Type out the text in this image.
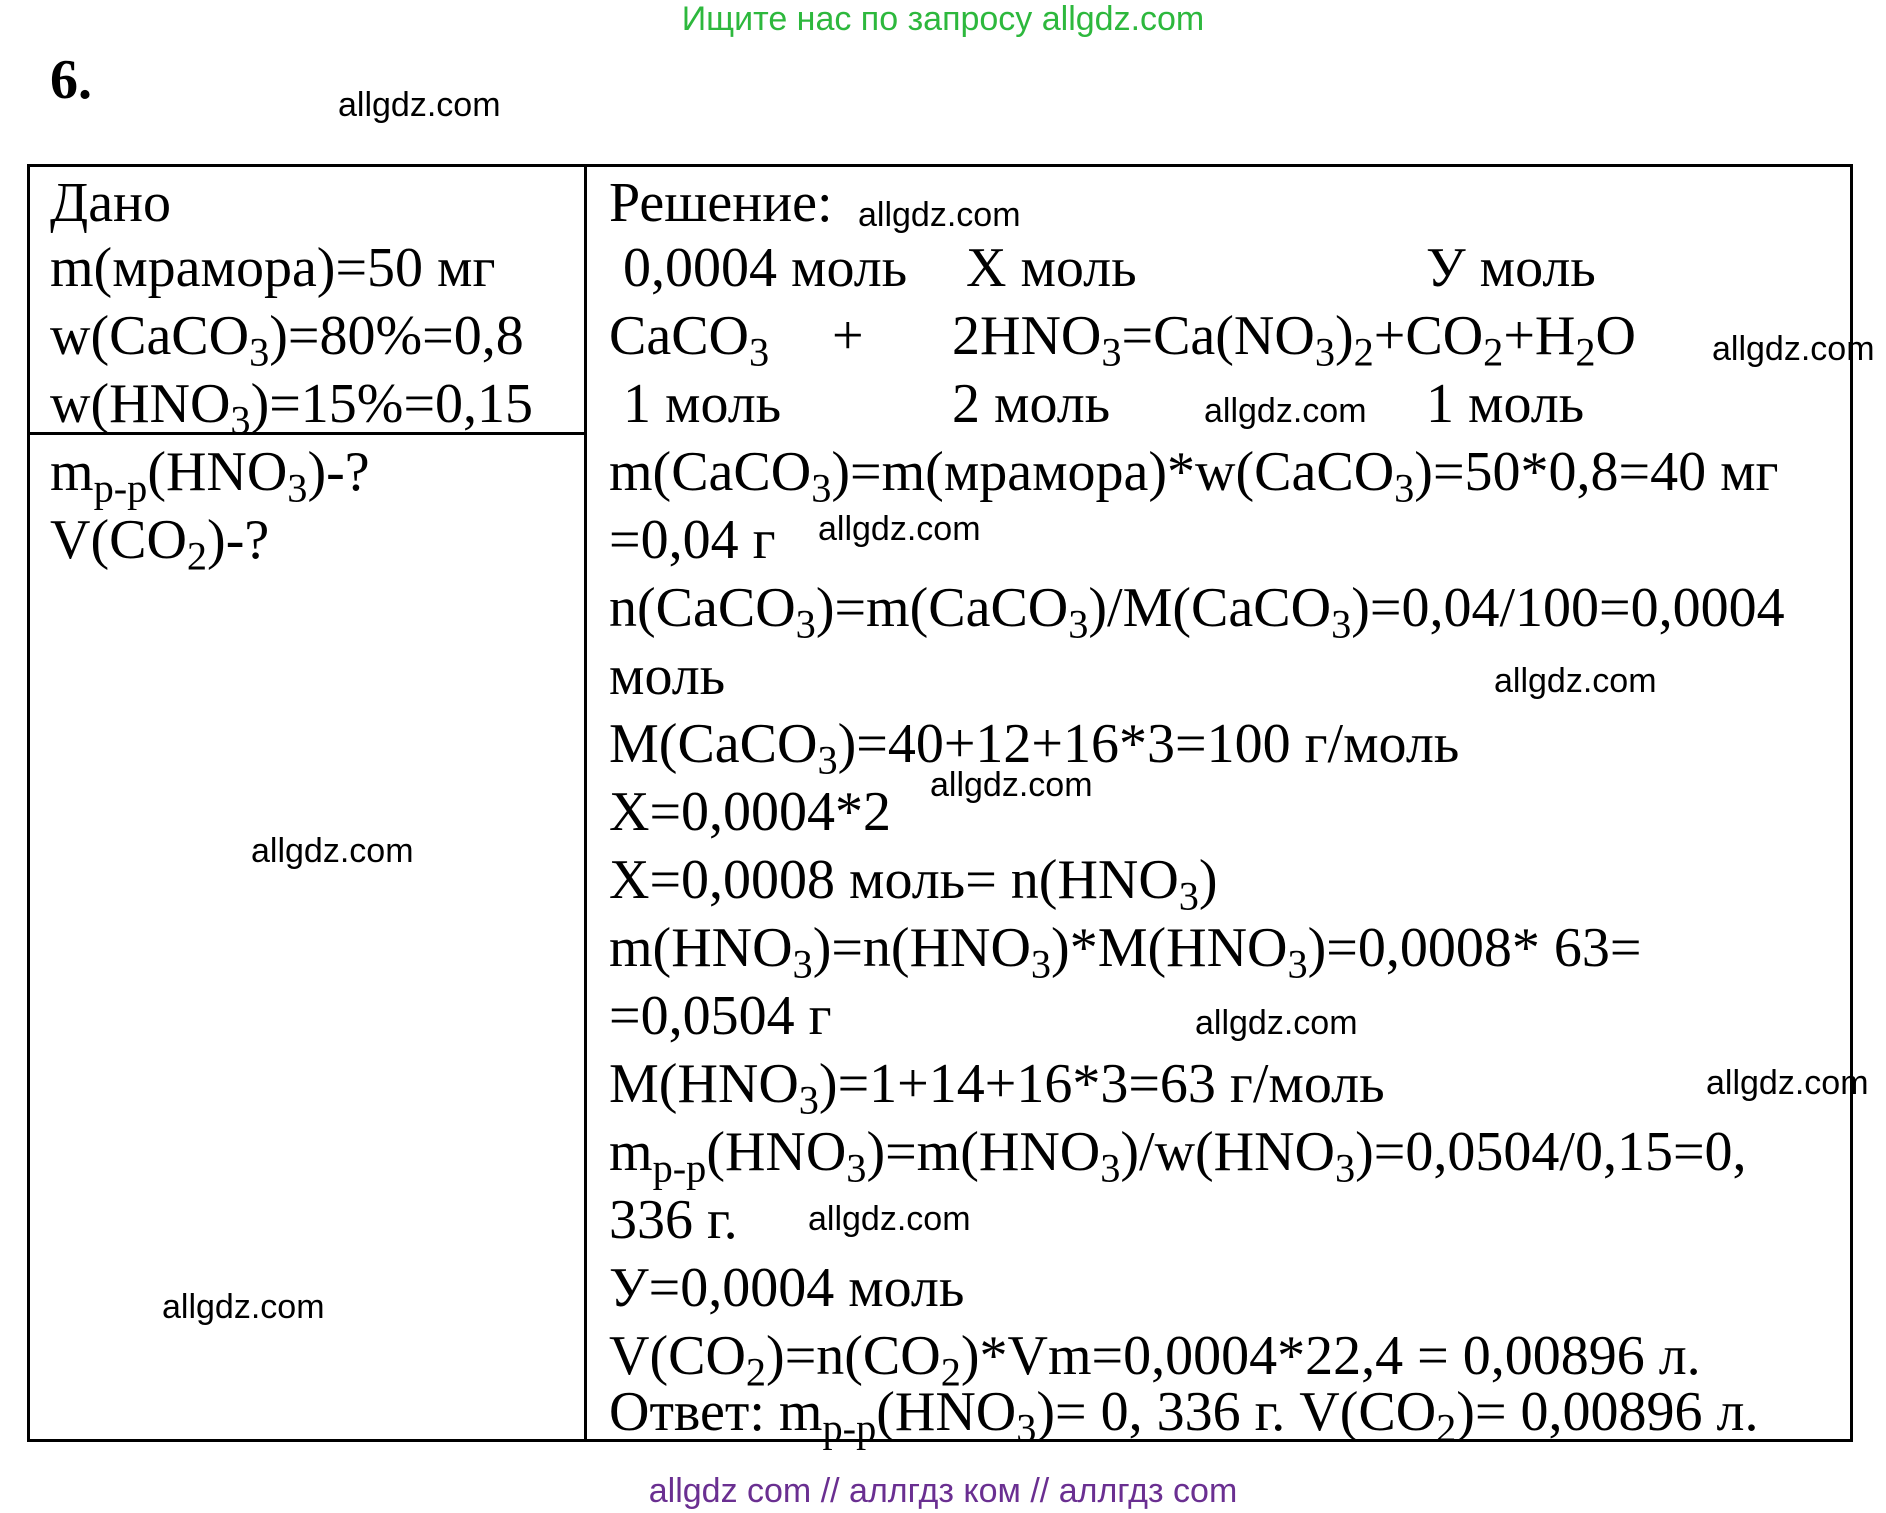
Ищите нас по запросу allgdz.com
6.	allgdz.com
Дано
m(мрамора)=50 мг
w(CaCO$_3$)=80%=0,8
$w(HNO_3)=15\%=0,15$
$m_{р-р}(HNO_3)-$?
$V(CO_2)-$?
allgdz.com
allgdz.com
Решение: allgdz.com
0,0004 моль Х моль	У моль
CaCO$_3$ + $2HNO_3=Ca(NO_3)_2+CO_2+H_2O$ allgdz.com
1 моль	2 моль	allgdz.com 1 моль
m(CaCO$_3$)=m(мрамора)*w(CaCO$_3$)=50*0,8=40 мг
=0,04 г allgdz.com
n(CaCO$_3$)=m(CaCO$_3$)/M(CaCO$_3$)=0,04/100=0,0004
моль	allgdz.com
M(CaCO$_3$)=40+12+16*3=100 г/моль
Х=0,0004*2 allgdz.com
Х=0,0008 моль= $n(HNO_3)$
$m(HNO_3)=n(HNO_3)*M(HNO_3)=0,0008*$ 63=
=0,0504 г	allgdz.com
$M(HNO_3)=1+14+16*3=63$ г/моль	allgdz.com
$m_{р-р}(HNO_3)=m(HNO_3)/w(HNO_3)=0,0504/0,15=0$,
336 г. allgdz.com
У=0,0004 моль
$V(CO_2)=n(CO_2)*Vm=0,0004*22,4 = 0,00896$ л.
Ответ: $m_{р-р}(HNO_3)= 0$, 336 г. $V(CO_2)= 0,00896$ л.
allgdz com // аллгдз ком // аллгдз com
